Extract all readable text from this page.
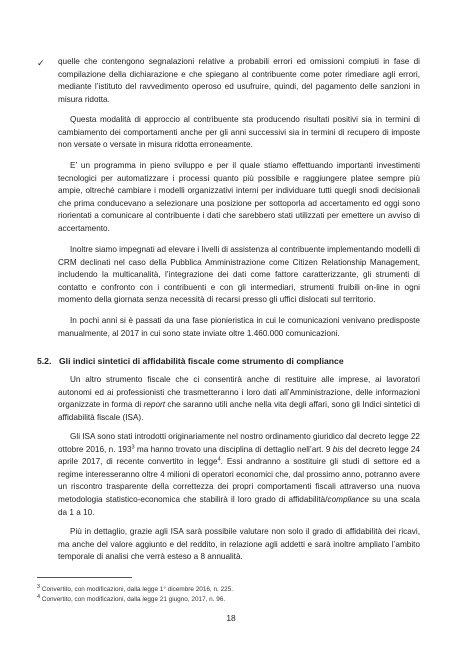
✓ quelle che contengono segnalazioni relative a probabili errori ed omissioni compiuti in fase di compilazione della dichiarazione e che spiegano al contribuente come poter rimediare agli errori, mediante l’istituto del ravvedimento operoso ed usufruire, quindi, del pagamento delle sanzioni in misura ridotta.

Questa modalità di approccio al contribuente sta producendo risultati positivi sia in termini di cambiamento dei comportamenti anche per gli anni successivi sia in termini di recupero di imposte non versate o versate in misura ridotta erroneamente.

E’ un programma in pieno sviluppo e per il quale stiamo effettuando importanti investimenti tecnologici per automatizzare i processi quanto più possibile e raggiungere platee sempre più ampie, oltreché cambiare i modelli organizzativi interni per individuare tutti quegli snodi decisionali che prima conducevano a selezionare una posizione per sottoporla ad accertamento ed oggi sono riorientati a comunicare al contribuente i dati che sarebbero stati utilizzati per emettere un avviso di accertamento.

Inoltre siamo impegnati ad elevare i livelli di assistenza al contribuente implementando modelli di CRM declinati nel caso della Pubblica Amministrazione come Citizen Relationship Management, includendo la multicanalità, l’integrazione dei dati come fattore caratterizzante, gli strumenti di contatto e confronto con i contribuenti e con gli intermediari, strumenti fruibili on-line in ogni momento della giornata senza necessità di recarsi presso gli uffici dislocati sul territorio.

In pochi anni si è passati da una fase pionieristica in cui le comunicazioni venivano predisposte manualmente, al 2017 in cui sono state inviate oltre 1.460.000 comunicazioni.

5.2. Gli indici sintetici di affidabilità fiscale come strumento di compliance

Un altro strumento fiscale che ci consentirà anche di restituire alle imprese, ai lavoratori autonomi ed ai professionisti che trasmetteranno i loro dati all’Amministrazione, delle informazioni organizzate in forma di report che saranno utili anche nella vita degli affari, sono gli Indici sintetici di affidabilità fiscale (ISA).

Gli ISA sono stati introdotti originariamente nel nostro ordinamento giuridico dal decreto legge 22 ottobre 2016, n. $193^3$ ma hanno trovato una disciplina di dettaglio nell’art. 9 bis del decreto legge 24 aprile 2017, di recente convertito in legge$^4$. Essi andranno a sostituire gli studi di settore ed a regime interesseranno oltre 4 milioni di operatori economici che, dal prossimo anno, potranno avere un riscontro trasparente della correttezza dei propri comportamenti fiscali attraverso una nuova metodologia statistico-economica che stabilirà il loro grado di affidabilità/compliance su una scala da 1 a 10.

$^3$ Convertito, con modificazioni, dalla legge 1° dicembre 2016, n. 225.

$^4$ Convertito, con modificazioni, dalla legge 21 giugno, 2017, n. 96.

18

Più in dettaglio, grazie agli ISA sarà possibile valutare non solo il grado di affidabilità dei ricavi, ma anche del valore aggiunto e del reddito, in relazione agli addetti e sarà inoltre ampliato l’ambito temporale di analisi che verrà esteso a 8 annualità.
